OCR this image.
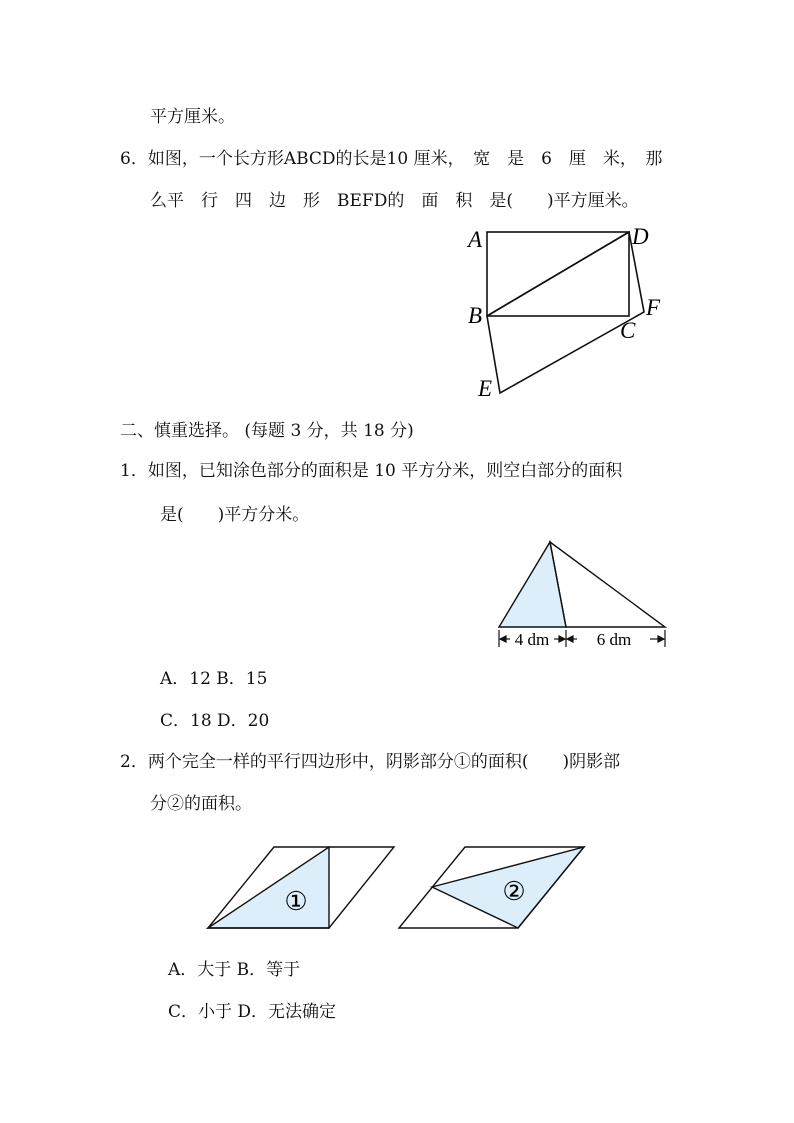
平方厘米。
6．如图，一个长方形ABCD的长是10 厘米，　宽　是　6　厘　米，　那
么平　行　四　边　形　BEFD的　面　积　是(　　)平方厘米。
A	D
B
C
F
E
二、慎重选择。 (每题 3 分，共 18 分)
1．如图，已知涂色部分的面积是 10 平方分米，则空白部分的面积
是(　　)平方分米。
4 dm	6 dm
A．12 B．15
C．18 D．20
2．两个完全一样的平行四边形中，阴影部分①的面积(　　)阴影部
分②的面积。
①	②
A．大于 B．等于
C．小于 D．无法确定
